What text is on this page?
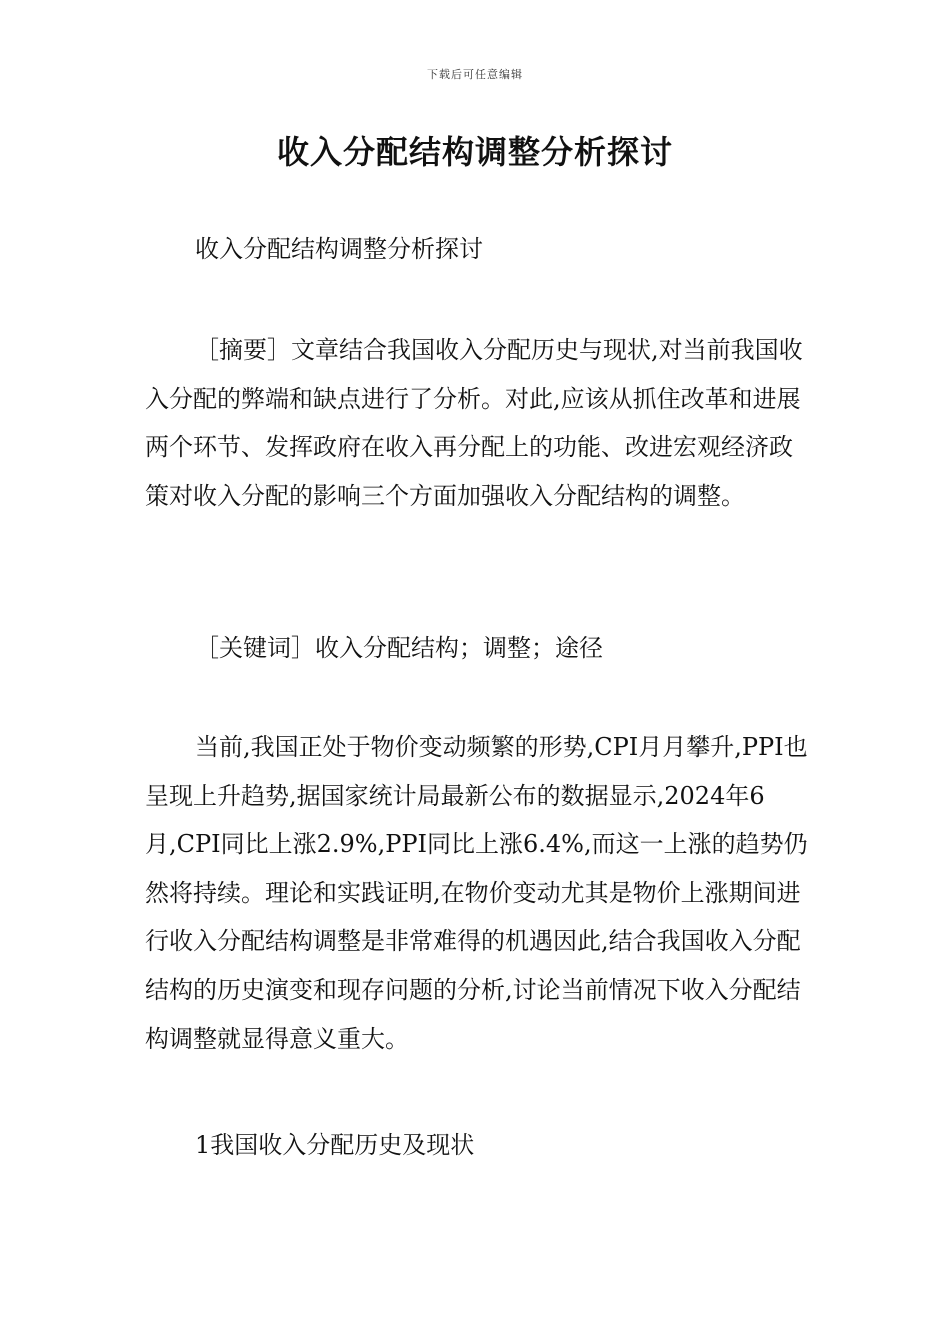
下载后可任意编辑
收入分配结构调整分析探讨

收入分配结构调整分析探讨

［摘要］文章结合我国收入分配历史与现状,对当前我国收入分配的弊端和缺点进行了分析。对此,应该从抓住改革和进展两个环节、发挥政府在收入再分配上的功能、改进宏观经济政策对收入分配的影响三个方面加强收入分配结构的调整。

［关键词］收入分配结构；调整；途径

当前,我国正处于物价变动频繁的形势,CPI月月攀升,PPI也呈现上升趋势,据国家统计局最新公布的数据显示,2024年6月,CPI同比上涨2.9%,PPI同比上涨6.4%,而这一上涨的趋势仍然将持续。理论和实践证明,在物价变动尤其是物价上涨期间进行收入分配结构调整是非常难得的机遇因此,结合我国收入分配结构的历史演变和现存问题的分析,讨论当前情况下收入分配结构调整就显得意义重大。

1我国收入分配历史及现状
